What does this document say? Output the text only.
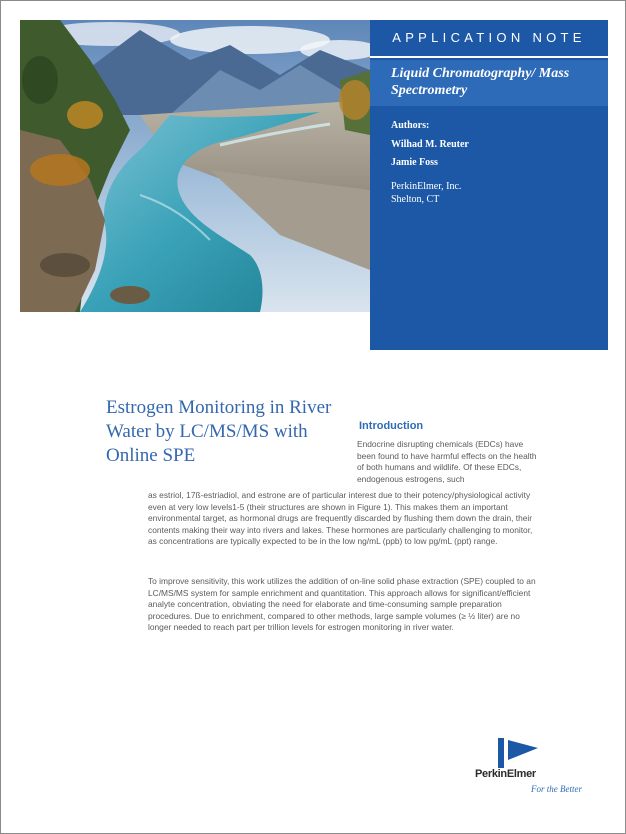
APPLICATION NOTE
Liquid Chromatography/ Mass Spectrometry
Authors:
Wilhad M. Reuter
Jamie Foss
PerkinElmer, Inc.
Shelton, CT
Estrogen Monitoring in River Water by LC/MS/MS with Online SPE
Introduction
Endocrine disrupting chemicals (EDCs) have been found to have harmful effects on the health of both humans and wildlife. Of these EDCs, endogenous estrogens, such
as estriol, 17ß-estriadiol, and estrone are of particular interest due to their potency/physiological activity even at very low levels1-5 (their structures are shown in Figure 1). This makes them an important environmental target, as hormonal drugs are frequently discarded by flushing them down the drain, their contents making their way into rivers and lakes. These hormones are particularly challenging to monitor, as concentrations are typically expected to be in the low ng/mL (ppb) to low pg/mL (ppt) range.
To improve sensitivity, this work utilizes the addition of on-line solid phase extraction (SPE) coupled to an LC/MS/MS system for sample enrichment and quantitation. This approach allows for significant/efficient analyte concentration, obviating the need for elaborate and time-consuming sample preparation procedures. Due to enrichment, compared to other methods, large sample volumes (≥ ½ liter) are no longer needed to reach part per trillion levels for estrogen monitoring in river water.
PerkinElmer
For the Better
